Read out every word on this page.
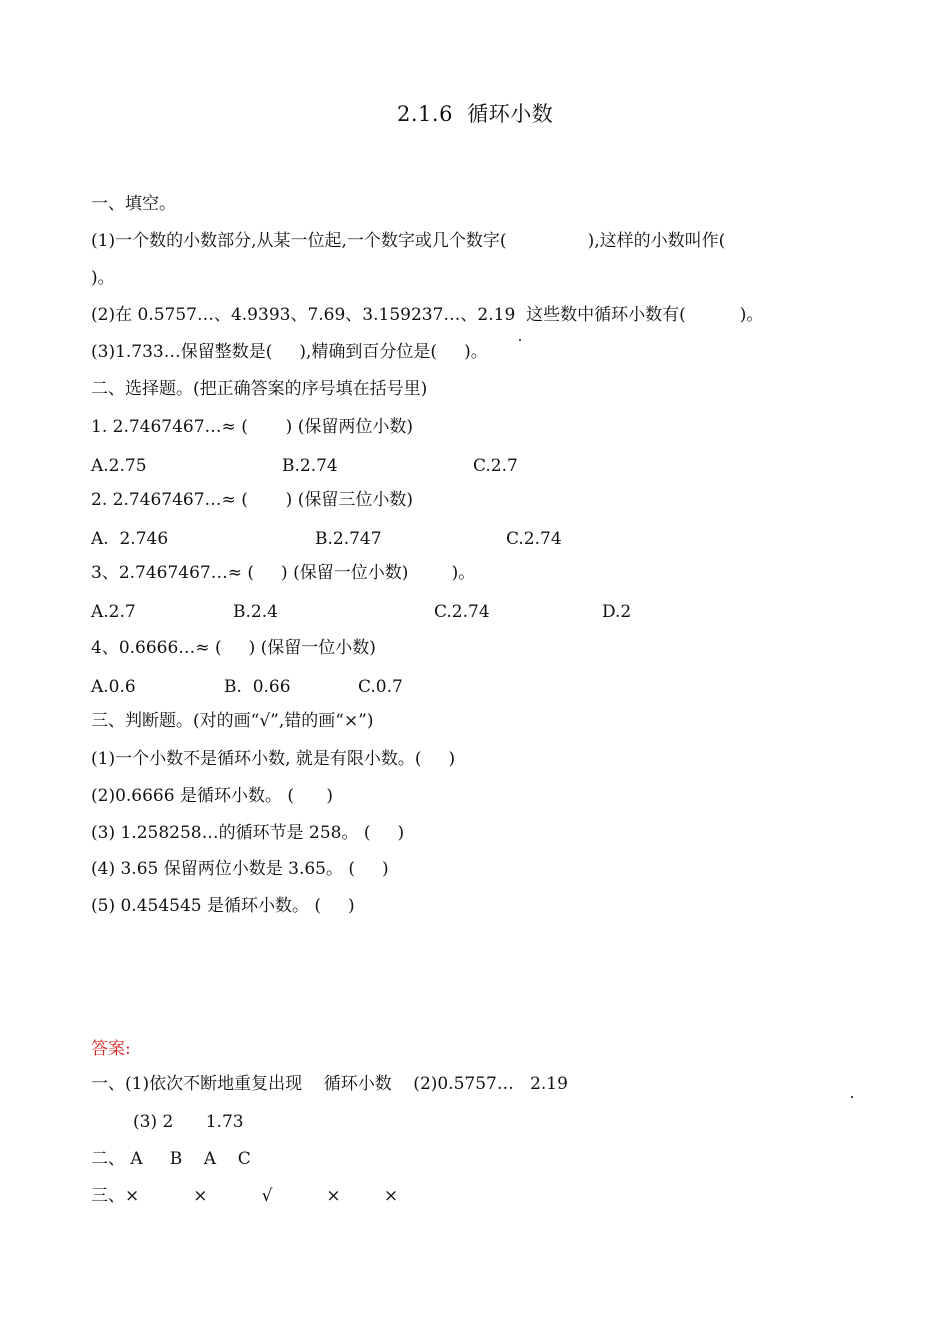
2.1.6  循环小数
一、填空。
(1)一个数的小数部分,从某一位起,一个数字或几个数字(               ),这样的小数叫作(
)。
(2)在 0.5757…、4.9393、7.69、3.159237…、2.19  这些数中循环小数有(          )。
(3)1.733…保留整数是(     ),精确到百分位是(     )。
二、选择题。(把正确答案的序号填在括号里)
1. 2.7467467…≈ (       ) (保留两位小数)
A.2.75	B.2.74	C.2.7
2. 2.7467467…≈ (       ) (保留三位小数)
A.  2.746	B.2.747	C.2.74
3、2.7467467…≈ (     ) (保留一位小数)        )。
A.2.7	B.2.4	C.2.74	D.2
4、0.6666…≈ (     ) (保留一位小数)
A.0.6	B.  0.66	C.0.7
三、判断题。(对的画“√”,错的画“×”)
(1)一个小数不是循环小数, 就是有限小数。(     )
(2)0.6666 是循环小数。 (      )
(3) 1.258258…的循环节是 258。 (     )
(4) 3.65 保留两位小数是 3.65。 (     )
(5) 0.454545 是循环小数。 (     )
答案:
一、(1)依次不断地重复出现    循环小数    (2)0.5757…   2.19
(3) 2      1.73
二、 A     B    A    C
三、×          ×          √          ×        ×
